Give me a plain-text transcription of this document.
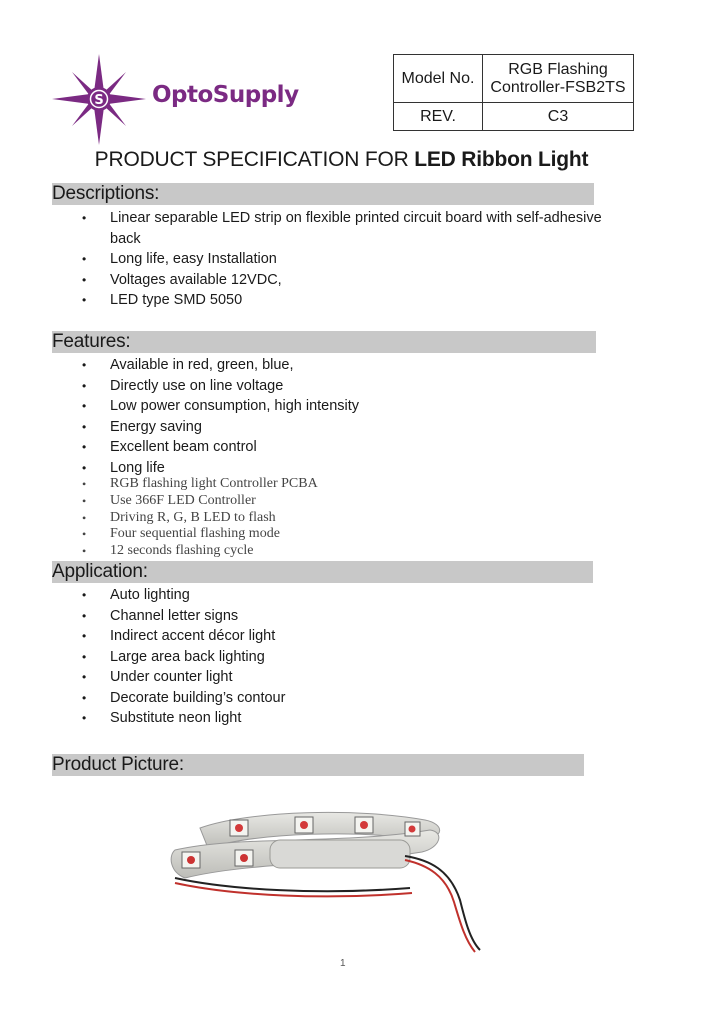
S OptoSupply
Model No.	RGB Flashing
Controller-FSB2TS

REV.	C3
PRODUCT SPECIFICATION FOR LED Ribbon Light
Descriptions:
• Linear separable LED strip on flexible printed circuit board with self-adhesive
back
• Long life, easy Installation
• Voltages available 12VDC,
• LED type SMD 5050
Features:
• Available in red, green, blue,
• Directly use on line voltage
• Low power consumption, high intensity
• Energy saving
• Excellent beam control
• Long life
• RGB flashing light Controller PCBA
• Use 366F LED Controller
• Driving R, G, B LED to flash
• Four sequential flashing mode
• 12 seconds flashing cycle
Application:
• Auto lighting
• Channel letter signs
• Indirect accent décor light
• Large area back lighting
• Under counter light
• Decorate building’s contour
• Substitute neon light
Product Picture:
1
